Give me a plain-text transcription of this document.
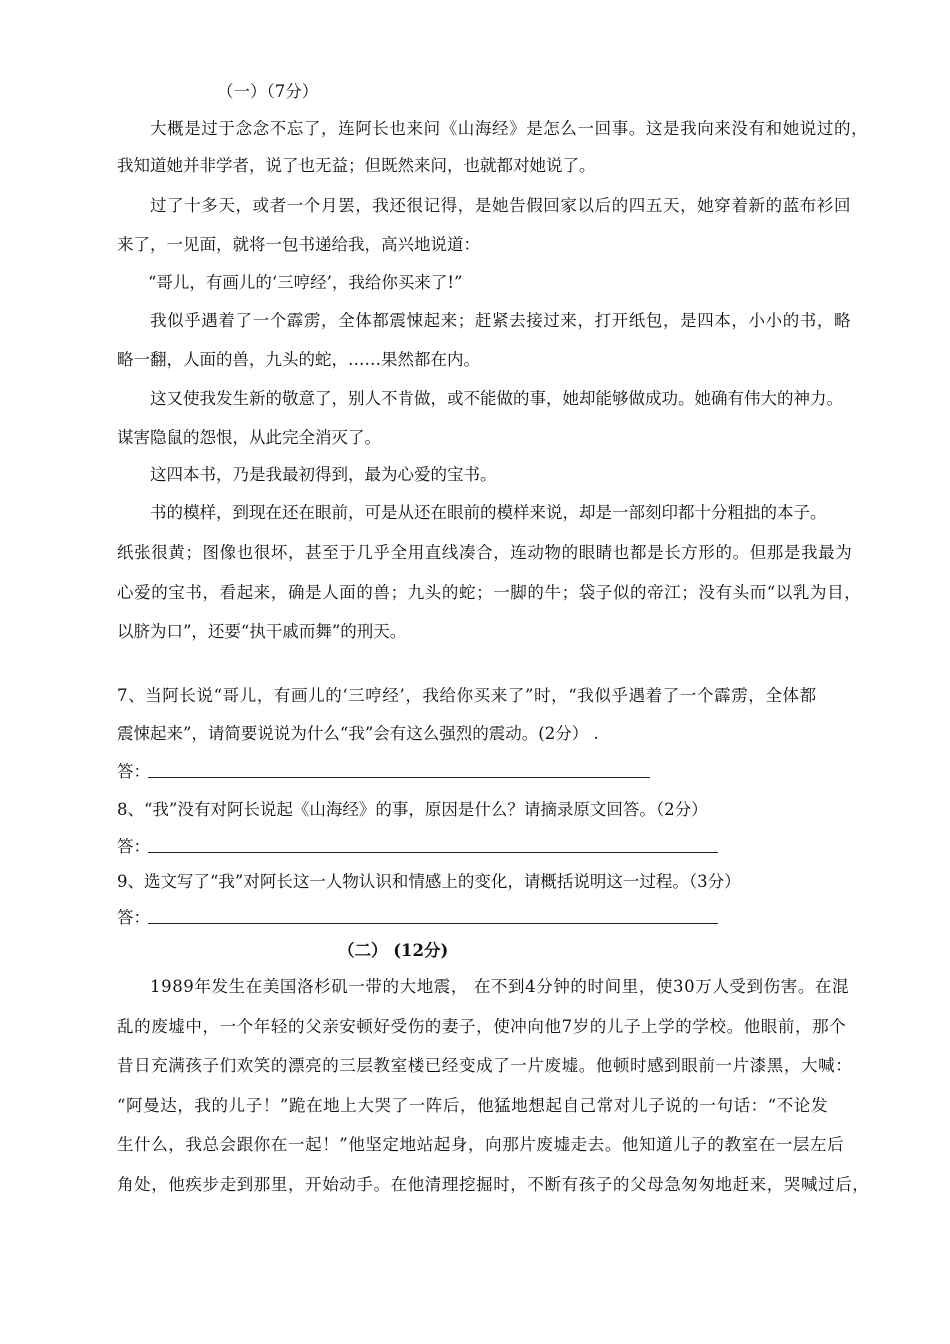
（一）（7分）
大概是过于念念不忘了，连阿长也来问《山海经》是怎么一回事。这是我向来没有和她说过的，
我知道她并非学者，说了也无益；但既然来问，也就都对她说了。
过了十多天，或者一个月罢，我还很记得，是她告假回家以后的四五天，她穿着新的蓝布衫回
来了，一见面，就将一包书递给我，高兴地说道：
“哥儿，有画儿的‘三哼经’，我给你买来了!”
我似乎遇着了一个霹雳，全体都震悚起来；赶紧去接过来，打开纸包，是四本，小小的书，略
略一翻，人面的兽，九头的蛇，……果然都在内。
这又使我发生新的敬意了，别人不肯做，或不能做的事，她却能够做成功。她确有伟大的神力。
谋害隐鼠的怨恨，从此完全消灭了。
这四本书，乃是我最初得到，最为心爱的宝书。
书的模样，到现在还在眼前，可是从还在眼前的模样来说，却是一部刻印都十分粗拙的本子。
纸张很黄；图像也很坏，甚至于几乎全用直线凑合，连动物的眼睛也都是长方形的。但那是我最为
心爱的宝书，看起来，确是人面的兽；九头的蛇；一脚的牛；袋子似的帝江；没有头而“以乳为目，
以脐为口”，还要“执干戚而舞”的刑天。
7、当阿长说“哥儿，有画儿的‘三哼经’，我给你买来了”时，“我似乎遇着了一个霹雳，全体都
震悚起来”，请简要说说为什么“我”会有这么强烈的震动。(2分） .
答：
8、“我”没有对阿长说起《山海经》的事，原因是什么？请摘录原文回答。（2分）
答：
9、选文写了“我”对阿长这一人物认识和情感上的变化，请概括说明这一过程。（3分）
答：
（二） (12分)
1989年发生在美国洛杉矶一带的大地震， 在不到4分钟的时间里，使30万人受到伤害。在混
乱的废墟中，一个年轻的父亲安顿好受伤的妻子，使冲向他7岁的儿子上学的学校。他眼前，那个
昔日充满孩子们欢笑的漂亮的三层教室楼已经变成了一片废墟。他顿时感到眼前一片漆黑，大喊：
“阿曼达，我的儿子！”跪在地上大哭了一阵后，他猛地想起自己常对儿子说的一句话：“不论发
生什么，我总会跟你在一起！”他坚定地站起身，向那片废墟走去。他知道儿子的教室在一层左后
角处，他疾步走到那里，开始动手。在他清理挖掘时，不断有孩子的父母急匆匆地赶来，哭喊过后，
